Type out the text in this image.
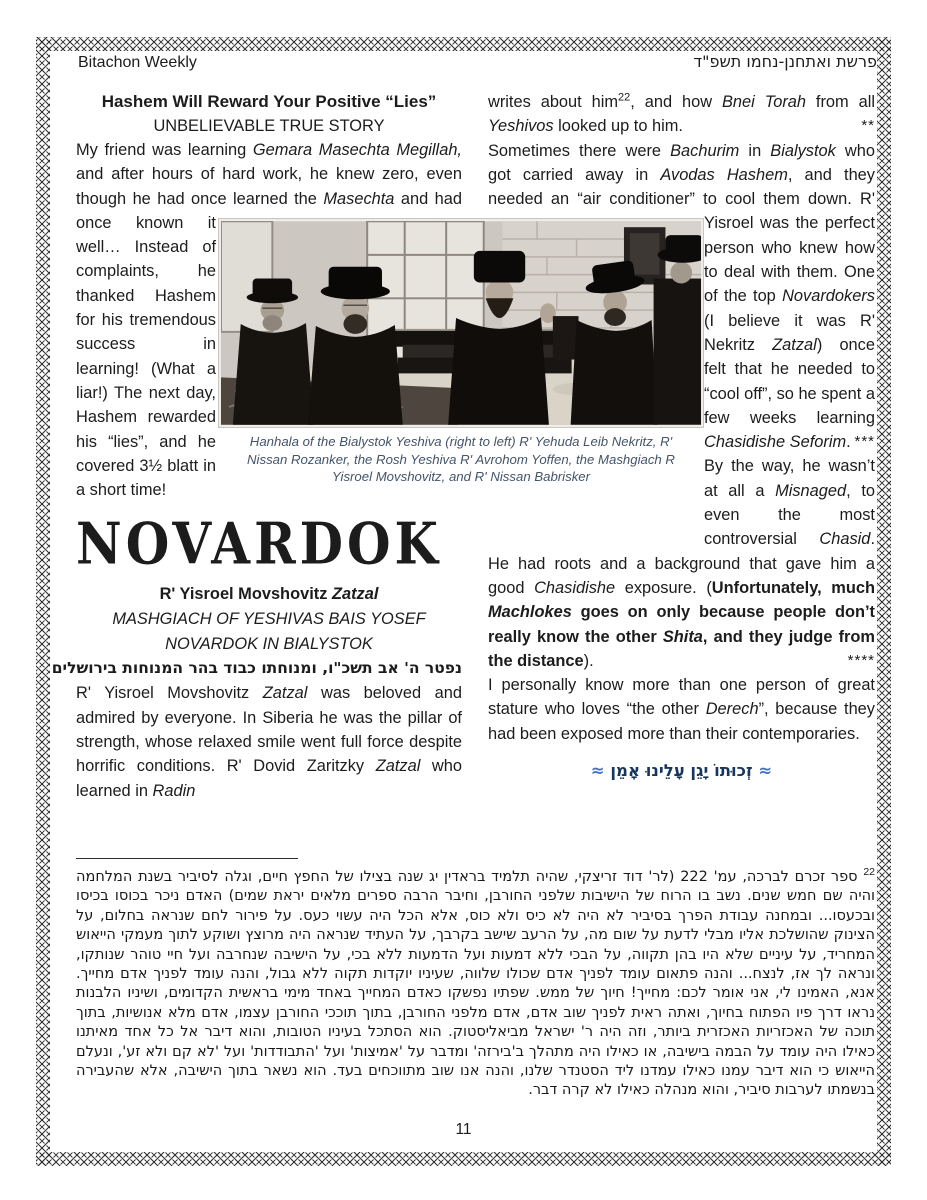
Bitachon Weekly	פרשת ואתחנן-נחמו תשפ"ד
Hanhala of the Bialystok Yeshiva (right to left) R' Yehuda Leib Nekritz, R' Nissan Rozanker, the Rosh Yeshiva R' Avrohom Yoffen, the Mashgiach R Yisroel Movshovitz, and R' Nissan Babrisker

Hashem Will Reward Your Positive “Lies”

UNBELIEVABLE TRUE STORY

My friend was learning Gemara Masechta Megillah, and after hours of hard work, he knew zero, even though he had once learned
the Masechta and had once known it well… Instead of complaints, he thanked Hashem for his tremendous success in learning! (What a liar!) The next day, Hashem rewarded his “lies”, and he covered 3½ blatt in a short time!

NOVARDOK

R' Yisroel Movshovitz Zatzal

MASHGIACH OF YESHIVAS BAIS YOSEF

NOVARDOK IN BIALYSTOK

נפטר ה' אב תשכ"ו, ומנוחתו כבוד בהר המנוחות בירושלים

R' Yisroel Movshovitz Zatzal was beloved and admired by everyone. In Siberia he was the pillar of strength, whose relaxed smile went full force despite horrific conditions. R' Dovid Zaritzky Zatzal who learned in Radin

writes about him$^{22}$, and how Bnei Torah from all Yeshivos looked up to him.	**

Sometimes there were Bachurim in Bialystok who got carried away in Avodas Hashem, and they needed an “air conditioner” to cool
them down. R' Yisroel was the perfect person who knew how to deal with them. One of the top Novardokers (I believe it was R' Nekritz Zatzal) once felt that he needed to “cool off”, so he spent a few weeks learning Chasidishe Seforim. ***

By the way, he wasn’t at all a Misnaged, to even the most controversial Chasid. He had roots and a background that gave him a good Chasidishe exposure. (Unfortunately, much Machlokes goes on only because people don’t really know the other Shita, and they judge from the distance).	****

I personally know more than one person of great stature who loves “the other Derech”, because they had been exposed more than their contemporaries.

≈ זְכוּתוֹ יָגֵן עָלֵינוּ אָמֵן ≈

$^{22}$ ספר זכרם לברכה, עמ' 222 (לר' דוד זריצקי, שהיה תלמיד בראדין יג שנה בצילו של החפץ חיים, וגלה לסיביר בשנת המלחמה והיה שם חמש שנים. נשב בו הרוח של הישיבות שלפני החורבן, וחיבר הרבה ספרים מלאים יראת שמים) האדם ניכר בכוסו בכיסו ובכעסו... ובמחנה עבודת הפרך בסיביר לא היה לא כיס ולא כוס, אלא הכל היה עשוי כעס. על פירור לחם שנראה בחלום, על הצינוק שהושלכת אליו מבלי לדעת על שום מה, על הרעב שישב בקרבך, על העתיד שנראה היה מרוצץ ושוקע לתוך מעמקי הייאוש המחריד, על עיניים שלא היו בהן תקווה, על הבכי ללא דמעות ועל הדמעות ללא בכי, על הישיבה שנחרבה ועל חיי טוהר שנותקו, ונראה לך אז, לנצח... והנה פתאום עומד לפניך אדם שכולו שלווה, שעיניו יוקדות תקוה ללא גבול, והנה עומד לפניך אדם מחייך. אנא, האמינו לי, אני אומר לכם: מחייך! חיוך של ממש. שפתיו נפשקו כאדם המחייך באחד מימי בראשית הקדומים, ושיניו הלבנות נראו דרך פיו הפתוח בחיוך, ואתה ראית לפניך שוב אדם, אדם מלפני החורבן, בתוך תוככי החורבן עצמו, אדם מלא אנושיות, בתוך תוכה של האכזריות האכזרית ביותר, וזה היה ר' ישראל מביאליסטוק. הוא הסתכל בעיניו הטובות, והוא דיבר אל כל אחד מאיתנו כאילו היה עומד על הבמה בישיבה, או כאילו היה מתהלך ב'בירזה' ומדבר על 'אמיצות' ועל 'התבודדות' ועל 'לא קם ולא זע', ונעלם הייאוש כי הוא דיבר עמנו כאילו עמדנו ליד הסטנדר שלנו, והנה אנו שוב מתווכחים בעד. הוא נשאר בתוך הישיבה, אלא שהעבירה בנשמתו לערבות סיביר, והוא מנהלה כאילו לא קרה דבר.

11
